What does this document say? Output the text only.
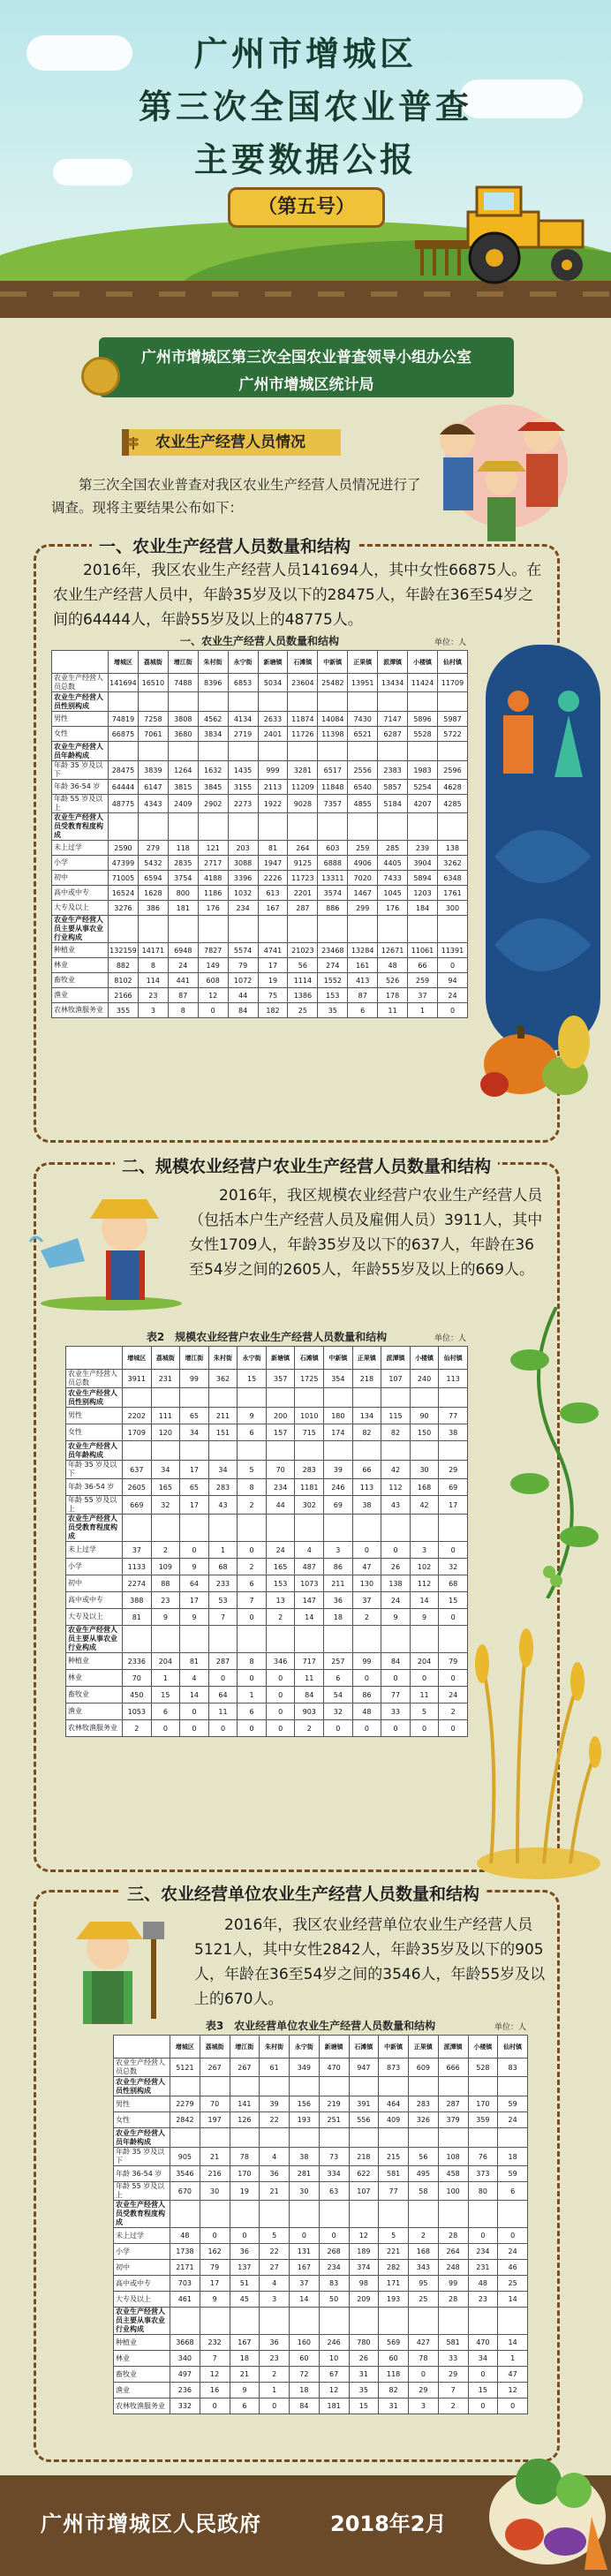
广州市增城区
第三次全国农业普查
主要数据公报
（第五号）
广州市增城区第三次全国农业普查领导小组办公室
广州市增城区统计局
农业生产经营人员情况
第三次全国农业普查对我区农业生产经营人员情况进行了调查。现将主要结果公布如下：
一、农业生产经营人员数量和结构
2016年，我区农业生产经营人员141694人，其中女性66875人。在农业生产经营人员中，年龄35岁及以下的28475人，年龄在36至54岁之间的64444人，年龄55岁及以上的48775人。
一、农业生产经营人员数量和结构	单位：人
	增城区	荔城街	增江街	朱村街	永宁街	新塘镇	石滩镇	中新镇	正果镇	派潭镇	小楼镇	仙村镇
农业生产经营人员总数	141694	16510	7488	8396	6853	5034	23604	25482	13951	13434	11424	11709
农业生产经营人员性别构成												
男性	74819	7258	3808	4562	4134	2633	11874	14084	7430	7147	5896	5987
女性	66875	7061	3680	3834	2719	2401	11726	11398	6521	6287	5528	5722
农业生产经营人员年龄构成												
年龄 35 岁及以下	28475	3839	1264	1632	1435	999	3281	6517	2556	2383	1983	2596
年龄 36-54 岁	64444	6147	3815	3845	3155	2113	11209	11848	6540	5857	5254	4628
年龄 55 岁及以上	48775	4343	2409	2902	2273	1922	9028	7357	4855	5184	4207	4285
农业生产经营人员受教育程度构成												
未上过学	2590	279	118	121	203	81	264	603	259	285	239	138
小学	47399	5432	2835	2717	3088	1947	9125	6888	4906	4405	3904	3262
初中	71005	6594	3754	4188	3396	2226	11723	13311	7020	7433	5894	6348
高中或中专	16524	1628	800	1186	1032	613	2201	3574	1467	1045	1203	1761
大专及以上	3276	386	181	176	234	167	287	886	299	176	184	300
农业生产经营人员主要从事农业行业构成												
种植业	132159	14171	6948	7827	5574	4741	21023	23468	13284	12671	11061	11391
林业	882	8	24	149	79	17	56	274	161	48	66	0
畜牧业	8102	114	441	608	1072	19	1114	1552	413	526	259	94
渔业	2166	23	87	12	44	75	1386	153	87	178	37	24
农林牧渔服务业	355	3	8	0	84	182	25	35	6	11	1	0
二、规模农业经营户农业生产经营人员数量和结构
2016年，我区规模农业经营户农业生产经营人员（包括本户生产经营人员及雇佣人员）3911人，其中女性1709人，年龄35岁及以下的637人，年龄在36至54岁之间的2605人，年龄55岁及以上的669人。
表2　规模农业经营户农业生产经营人员数量和结构	单位：人
	增城区	荔城街	增江街	朱村街	永宁街	新塘镇	石滩镇	中新镇	正果镇	派潭镇	小楼镇	仙村镇
农业生产经营人员总数	3911	231	99	362	15	357	1725	354	218	107	240	113
农业生产经营人员性别构成												
男性	2202	111	65	211	9	200	1010	180	134	115	90	77
女性	1709	120	34	151	6	157	715	174	82	82	150	38
农业生产经营人员年龄构成												
年龄 35 岁及以下	637	34	17	34	5	70	283	39	66	42	30	29
年龄 36-54 岁	2605	165	65	283	8	234	1181	246	113	112	168	69
年龄 55 岁及以上	669	32	17	43	2	44	302	69	38	43	42	17
农业生产经营人员受教育程度构成												
未上过学	37	2	0	1	0	24	4	3	0	0	3	0
小学	1133	109	9	68	2	165	487	86	47	26	102	32
初中	2274	88	64	233	6	153	1073	211	130	138	112	68
高中或中专	388	23	17	53	7	13	147	36	37	24	14	15
大专及以上	81	9	9	7	0	2	14	18	2	9	9	0
农业生产经营人员主要从事农业行业构成												
种植业	2336	204	81	287	8	346	717	257	99	84	204	79
林业	70	1	4	0	0	0	11	6	0	0	0	0
畜牧业	450	15	14	64	1	0	84	54	86	77	11	24
渔业	1053	6	0	11	6	0	903	32	48	33	5	2
农林牧渔服务业	2	0	0	0	0	0	2	0	0	0	0	0
三、农业经营单位农业生产经营人员数量和结构
2016年，我区农业经营单位农业生产经营人员5121人，其中女性2842人，年龄35岁及以下的905人，年龄在36至54岁之间的3546人，年龄55岁及以上的670人。
表3　农业经营单位农业生产经营人员数量和结构	单位：人
	增城区	荔城街	增江街	朱村街	永宁街	新塘镇	石滩镇	中新镇	正果镇	派潭镇	小楼镇	仙村镇
农业生产经营人员总数	5121	267	267	61	349	470	947	873	609	666	528	83
农业生产经营人员性别构成												
男性	2279	70	141	39	156	219	391	464	283	287	170	59
女性	2842	197	126	22	193	251	556	409	326	379	359	24
农业生产经营人员年龄构成												
年龄 35 岁及以下	905	21	78	4	38	73	218	215	56	108	76	18
年龄 36-54 岁	3546	216	170	36	281	334	622	581	495	458	373	59
年龄 55 岁及以上	670	30	19	21	30	63	107	77	58	100	80	6
农业生产经营人员受教育程度构成												
未上过学	48	0	0	5	0	0	12	5	2	28	0	0
小学	1738	162	36	22	131	268	189	221	168	264	234	24
初中	2171	79	137	27	167	234	374	282	343	248	231	46
高中或中专	703	17	51	4	37	83	98	171	95	99	48	25
大专及以上	461	9	45	3	14	50	209	193	25	28	23	14
农业生产经营人员主要从事农业行业构成												
种植业	3668	232	167	36	160	246	780	569	427	581	470	14
林业	340	7	18	23	60	10	26	60	78	33	34	1
畜牧业	497	12	21	2	72	67	31	118	0	29	0	47
渔业	236	16	9	1	18	12	35	82	29	7	15	12
农林牧渔服务业	332	0	6	0	84	181	15	31	3	2	0	0
广州市增城区人民政府	2018年2月
